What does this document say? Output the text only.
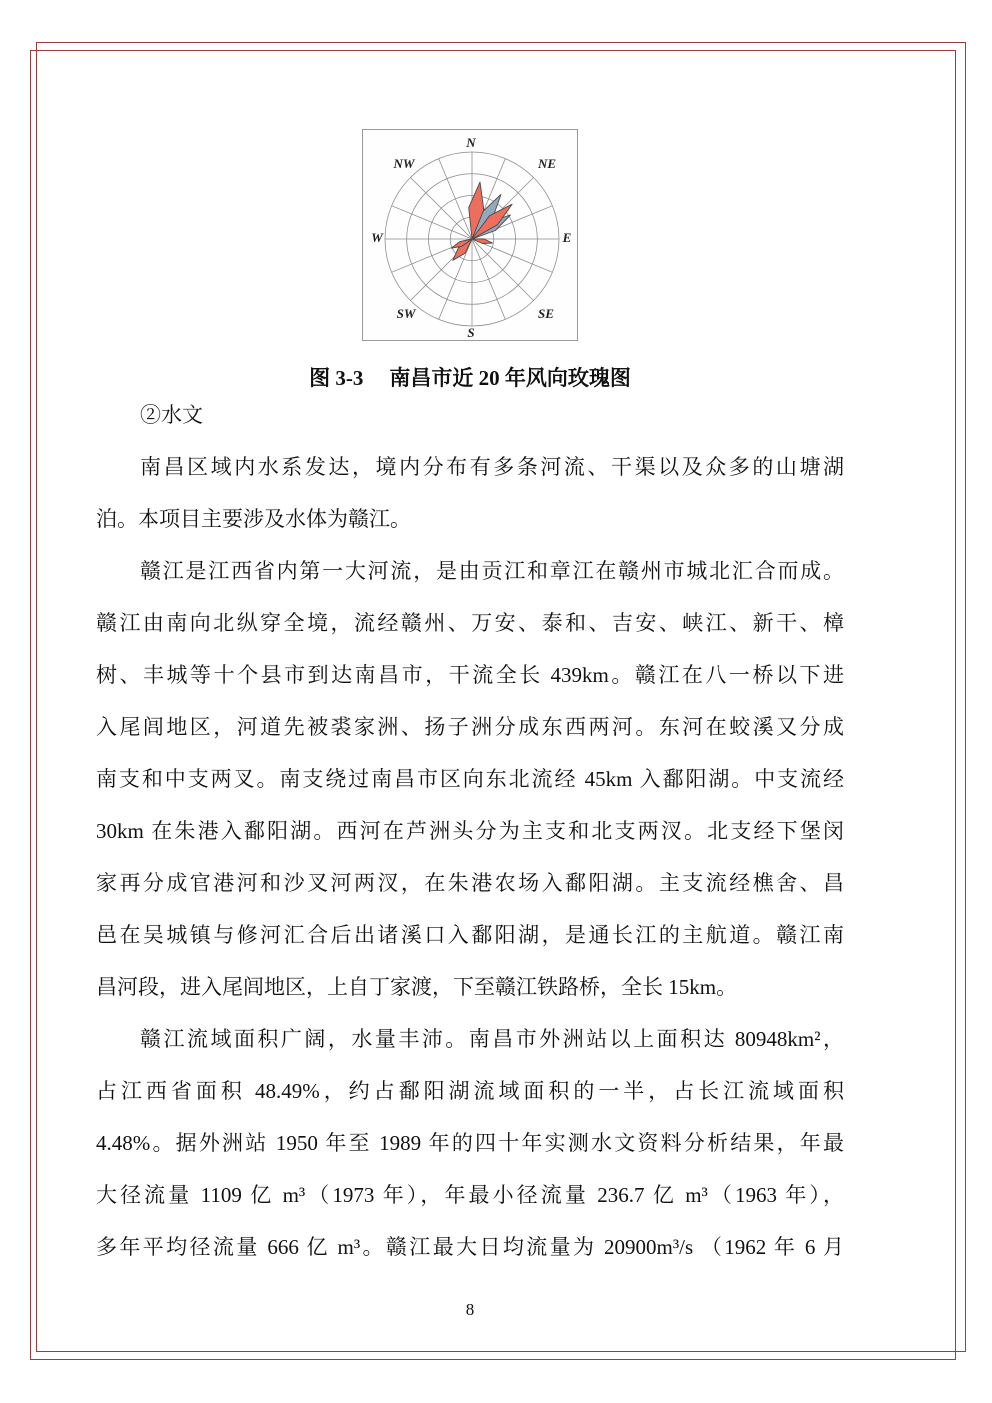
N
NE
E
SE
S
SW
W
NW
图 3-3 南昌市近 20 年风向玫瑰图
②水文
南昌区域内水系发达，境内分布有多条河流、干渠以及众多的山塘湖
泊。本项目主要涉及水体为赣江。
赣江是江西省内第一大河流，是由贡江和章江在赣州市城北汇合而成。
赣江由南向北纵穿全境，流经赣州、万安、泰和、吉安、峡江、新干、樟
树、丰城等十个县市到达南昌市，干流全长 439km。赣江在八一桥以下进
入尾闾地区，河道先被裘家洲、扬子洲分成东西两河。东河在蛟溪又分成
南支和中支两叉。南支绕过南昌市区向东北流经 45km 入鄱阳湖。中支流经
30km 在朱港入鄱阳湖。西河在芦洲头分为主支和北支两汊。北支经下堡闵
家再分成官港河和沙叉河两汊，在朱港农场入鄱阳湖。主支流经樵舍、昌
邑在吴城镇与修河汇合后出诸溪口入鄱阳湖，是通长江的主航道。赣江南
昌河段，进入尾闾地区，上自丁家渡，下至赣江铁路桥，全长 15km。
赣江流域面积广阔，水量丰沛。南昌市外洲站以上面积达 80948km²，
占江西省面积 48.49%，约占鄱阳湖流域面积的一半，占长江流域面积
4.48%。据外洲站 1950 年至 1989 年的四十年实测水文资料分析结果，年最
大径流量 1109 亿 m³（1973 年），年最小径流量 236.7 亿 m³（1963 年），
多年平均径流量 666 亿 m³。赣江最大日均流量为 20900m³/s （1962 年 6 月
8
